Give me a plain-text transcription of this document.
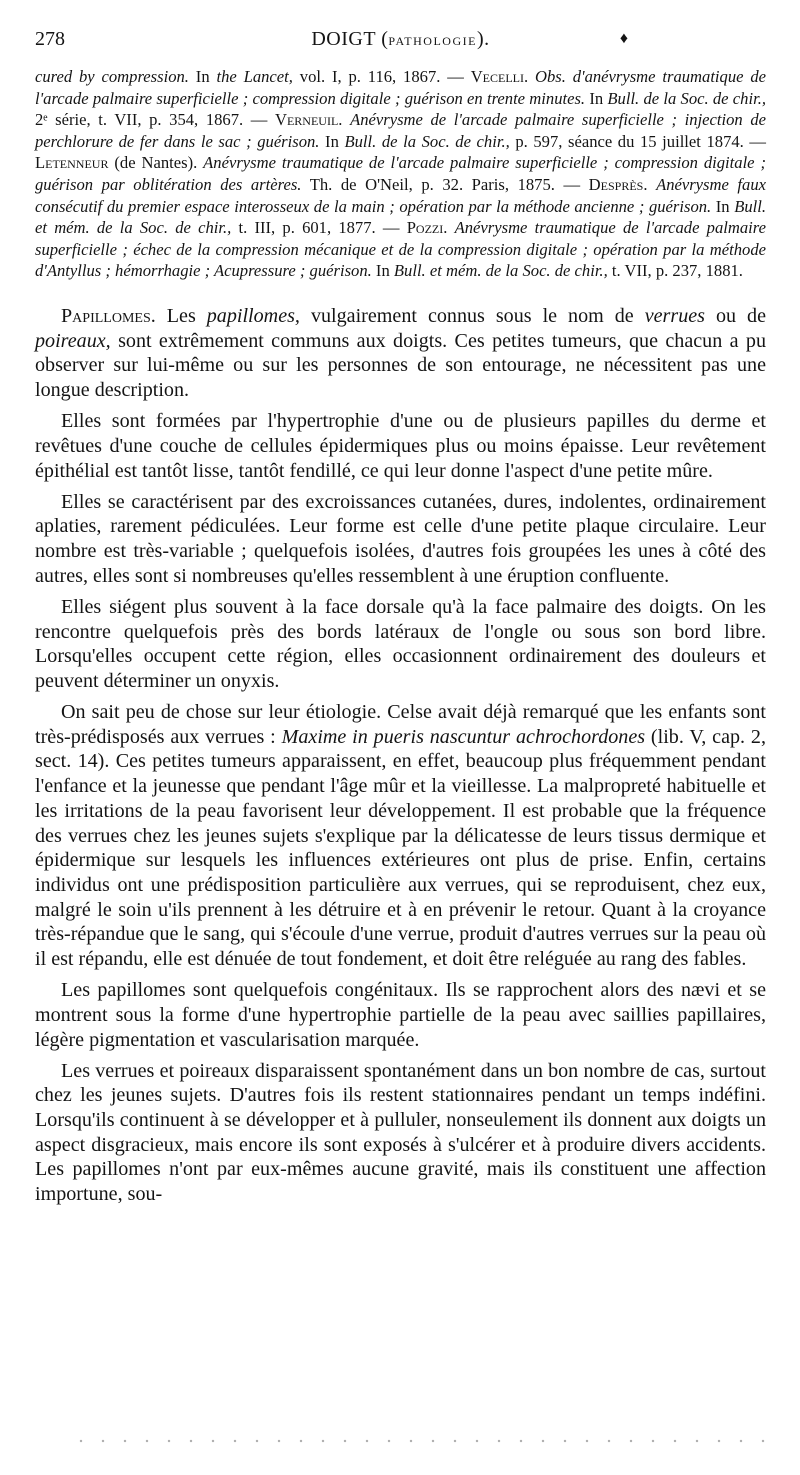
278	DOIGT (pathologie).	♦
cured by compression. In the Lancet, vol. I, p. 116, 1867. — Vecelli. Obs. d'anévrysme traumatique de l'arcade palmaire superficielle ; compression digitale ; guérison en trente minutes. In Bull. de la Soc. de chir., 2ᵉ série, t. VII, p. 354, 1867. — Verneuil. Anévrysme de l'arcade palmaire superficielle ; injection de perchlorure de fer dans le sac ; guérison. In Bull. de la Soc. de chir., p. 597, séance du 15 juillet 1874. — Letenneur (de Nantes). Anévrysme traumatique de l'arcade palmaire superficielle ; compression digitale ; guérison par oblitération des artères. Th. de O'Neil, p. 32. Paris, 1875. — Desprès. Anévrysme faux consécutif du premier espace interosseux de la main ; opération par la méthode ancienne ; guérison. In Bull. et mém. de la Soc. de chir., t. III, p. 601, 1877. — Pozzi. Anévrysme traumatique de l'arcade palmaire superficielle ; échec de la compression mécanique et de la compression digitale ; opération par la méthode d'Antyllus ; hémorrhagie ; Acupressure ; guérison. In Bull. et mém. de la Soc. de chir., t. VII, p. 237, 1881.

Papillomes. Les papillomes, vulgairement connus sous le nom de verrues ou de poireaux, sont extrêmement communs aux doigts. Ces petites tumeurs, que chacun a pu observer sur lui-même ou sur les personnes de son entourage, ne nécessitent pas une longue description.

Elles sont formées par l'hypertrophie d'une ou de plusieurs papilles du derme et revêtues d'une couche de cellules épidermiques plus ou moins épaisse. Leur revêtement épithélial est tantôt lisse, tantôt fendillé, ce qui leur donne l'aspect d'une petite mûre.

Elles se caractérisent par des excroissances cutanées, dures, indolentes, ordinairement aplaties, rarement pédiculées. Leur forme est celle d'une petite plaque circulaire. Leur nombre est très-variable ; quelquefois isolées, d'autres fois groupées les unes à côté des autres, elles sont si nombreuses qu'elles ressemblent à une éruption confluente.

Elles siégent plus souvent à la face dorsale qu'à la face palmaire des doigts. On les rencontre quelquefois près des bords latéraux de l'ongle ou sous son bord libre. Lorsqu'elles occupent cette région, elles occasionnent ordinairement des douleurs et peuvent déterminer un onyxis.

On sait peu de chose sur leur étiologie. Celse avait déjà remarqué que les enfants sont très-prédisposés aux verrues : Maxime in pueris nascuntur achrochordones (lib. V, cap. 2, sect. 14). Ces petites tumeurs apparaissent, en effet, beaucoup plus fréquemment pendant l'enfance et la jeunesse que pendant l'âge mûr et la vieillesse. La malpropreté habituelle et les irritations de la peau favorisent leur développement. Il est probable que la fréquence des verrues chez les jeunes sujets s'explique par la délicatesse de leurs tissus dermique et épidermique sur lesquels les influences extérieures ont plus de prise. Enfin, certains individus ont une prédisposition particulière aux verrues, qui se reproduisent, chez eux, malgré le soin u'ils prennent à les détruire et à en prévenir le retour. Quant à la croyance très-répandue que le sang, qui s'écoule d'une verrue, produit d'autres verrues sur la peau où il est répandu, elle est dénuée de tout fondement, et doit être reléguée au rang des fables.

Les papillomes sont quelquefois congénitaux. Ils se rapprochent alors des nævi et se montrent sous la forme d'une hypertrophie partielle de la peau avec saillies papillaires, légère pigmentation et vascularisation marquée.

Les verrues et poireaux disparaissent spontanément dans un bon nombre de cas, surtout chez les jeunes sujets. D'autres fois ils restent stationnaires pendant un temps indéfini. Lorsqu'ils continuent à se développer et à pulluler, nonseulement ils donnent aux doigts un aspect disgracieux, mais encore ils sont exposés à s'ulcérer et à produire divers accidents. Les papillomes n'ont par eux-mêmes aucune gravité, mais ils constituent une affection importune, sou-
